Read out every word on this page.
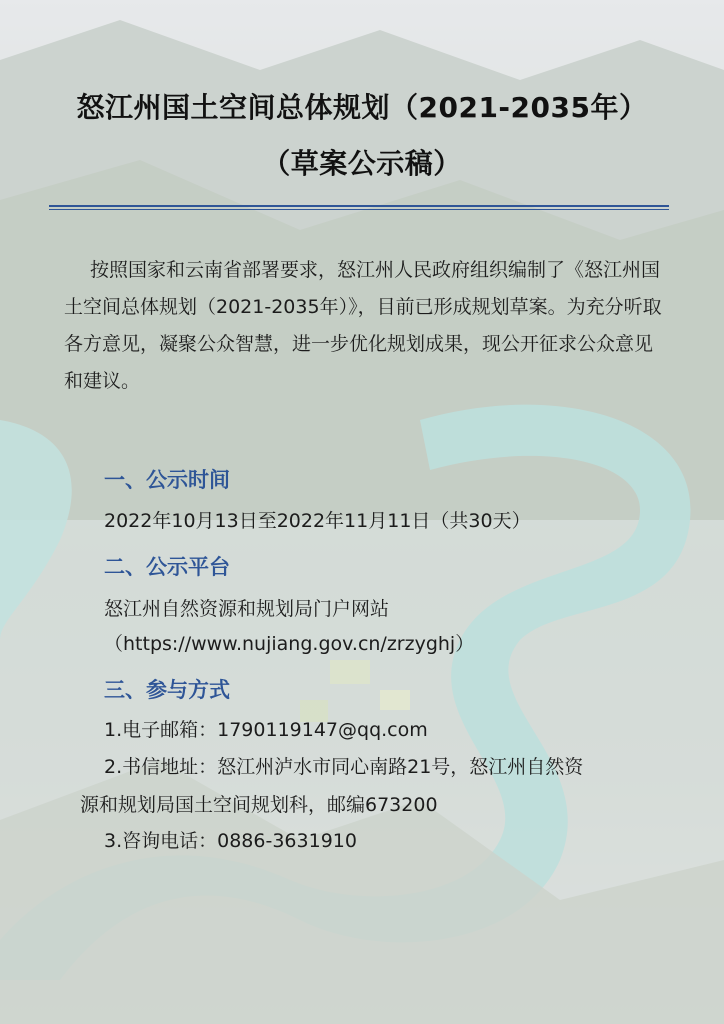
怒江州国土空间总体规划（2021-2035年）
（草案公示稿）
按照国家和云南省部署要求，怒江州人民政府组织编制了《怒江州国土空间总体规划（2021-2035年）》，目前已形成规划草案。为充分听取各方意见，凝聚公众智慧，进一步优化规划成果，现公开征求公众意见和建议。
一、公示时间
2022年10月13日至2022年11月11日（共30天）
二、公示平台
怒江州自然资源和规划局门户网站
（https://www.nujiang.gov.cn/zrzyghj）
三、参与方式
1.电子邮箱：1790119147@qq.com
2.书信地址：怒江州泸水市同心南路21号，怒江州自然资
源和规划局国土空间规划科，邮编673200
3.咨询电话：0886-3631910
